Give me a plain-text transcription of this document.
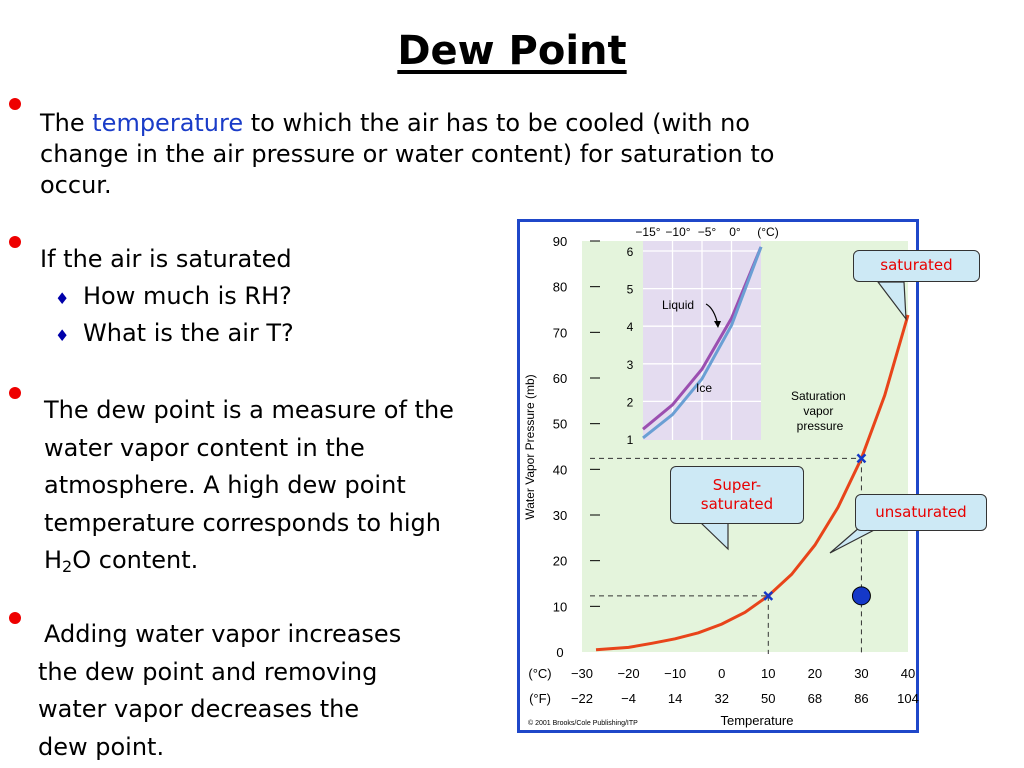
Dew Point
The temperature to which the air has to be cooled (with no
change in the air pressure or water content) for saturation to
occur.
If the air is saturated
♦ How much is RH?
♦ What is the air T?
The dew point is a measure of the
water vapor content in the
atmosphere. A high dew point
temperature corresponds to high
$H_2O$ content.
Adding water vapor increases
the dew point and removing
water vapor decreases the
dew point.
0
10
20
30
40
50
60
70
80
90
6
5
4
3
2
1
−15° −10° −5° 0° (°C)
(°C) −30 −20 −10 0	10 20 30 40
(°F) −22 −4 14 32 50 68 86 104
Water Vapor Pressure (mb)
Temperature
© 2001 Brooks/Cole Publishing/ITP
Liquid
Ice
Saturation vapor pressure
saturated
Super-
saturated	unsaturated
